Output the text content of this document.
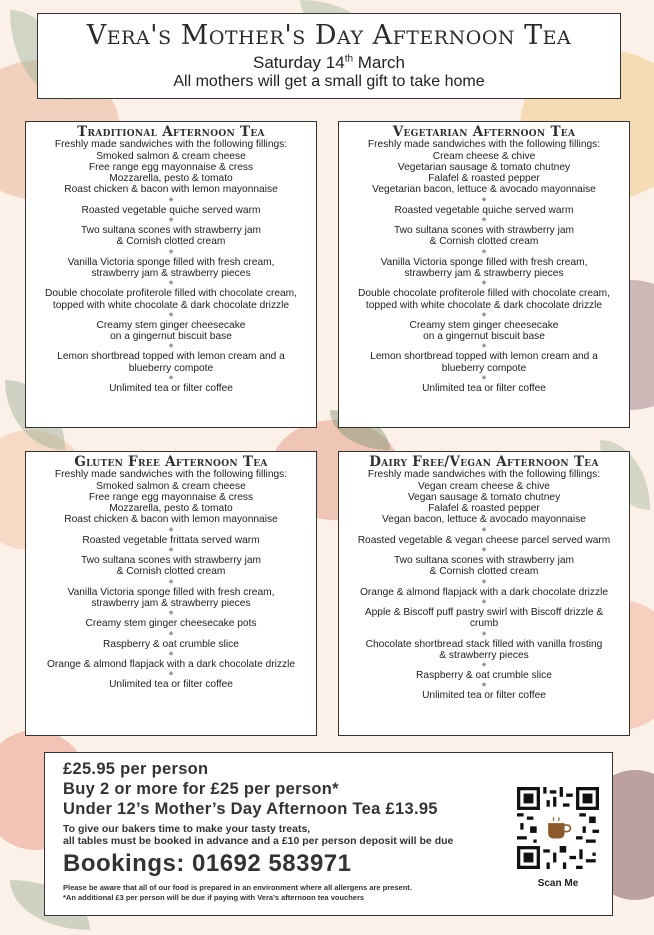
Vera's Mother's Day Afternoon Tea
Saturday 14th March
All mothers will get a small gift to take home
Traditional Afternoon Tea
Freshly made sandwiches with the following fillings:
Smoked salmon & cream cheese
Free range egg mayonnaise & cress
Mozzarella, pesto & tomato
Roast chicken & bacon with lemon mayonnaise
◆
Roasted vegetable quiche served warm
◆
Two sultana scones with strawberry jam
& Cornish clotted cream
◆
Vanilla Victoria sponge filled with fresh cream,
strawberry jam & strawberry pieces
◆
Double chocolate profiterole filled with chocolate cream,
topped with white chocolate & dark chocolate drizzle
◆
Creamy stem ginger cheesecake
on a gingernut biscuit base
◆
Lemon shortbread topped with lemon cream and a
blueberry compote
◆
Unlimited tea or filter coffee
Vegetarian Afternoon Tea
Freshly made sandwiches with the following fillings:
Cream cheese & chive
Vegetarian sausage & tomato chutney
Falafel & roasted pepper
Vegetarian bacon, lettuce & avocado mayonnaise
◆
Roasted vegetable quiche served warm
◆
Two sultana scones with strawberry jam
& Cornish clotted cream
◆
Vanilla Victoria sponge filled with fresh cream,
strawberry jam & strawberry pieces
◆
Double chocolate profiterole filled with chocolate cream,
topped with white chocolate & dark chocolate drizzle
◆
Creamy stem ginger cheesecake
on a gingernut biscuit base
◆
Lemon shortbread topped with lemon cream and a
blueberry compote
◆
Unlimited tea or filter coffee
Gluten Free Afternoon Tea
Freshly made sandwiches with the following fillings:
Smoked salmon & cream cheese
Free range egg mayonnaise & cress
Mozzarella, pesto & tomato
Roast chicken & bacon with lemon mayonnaise
◆
Roasted vegetable frittata served warm
◆
Two sultana scones with strawberry jam
& Cornish clotted cream
◆
Vanilla Victoria sponge filled with fresh cream,
strawberry jam & strawberry pieces
◆
Creamy stem ginger cheesecake pots
◆
Raspberry & oat crumble slice
◆
Orange & almond flapjack with a dark chocolate drizzle
◆
Unlimited tea or filter coffee
Dairy Free/Vegan Afternoon Tea
Freshly made sandwiches with the following fillings:
Vegan cream cheese & chive
Vegan sausage & tomato chutney
Falafel & roasted pepper
Vegan bacon, lettuce & avocado mayonnaise
◆
Roasted vegetable & vegan cheese parcel served warm
◆
Two sultana scones with strawberry jam
& Cornish clotted cream
◆
Orange & almond flapjack with a dark chocolate drizzle
◆
Apple & Biscoff puff pastry swirl with Biscoff drizzle &
crumb
◆
Chocolate shortbread stack filled with vanilla frosting
& strawberry pieces
◆
Raspberry & oat crumble slice
◆
Unlimited tea or filter coffee
£25.95 per person
Buy 2 or more for £25 per person*
Under 12’s Mother’s Day Afternoon Tea £13.95
To give our bakers time to make your tasty treats,
all tables must be booked in advance and a £10 per person deposit will be due
Bookings: 01692 583971
Please be aware that all of our food is prepared in an environment where all allergens are present.
*An additional £3 per person will be due if paying with Vera’s afternoon tea vouchers
Scan Me
